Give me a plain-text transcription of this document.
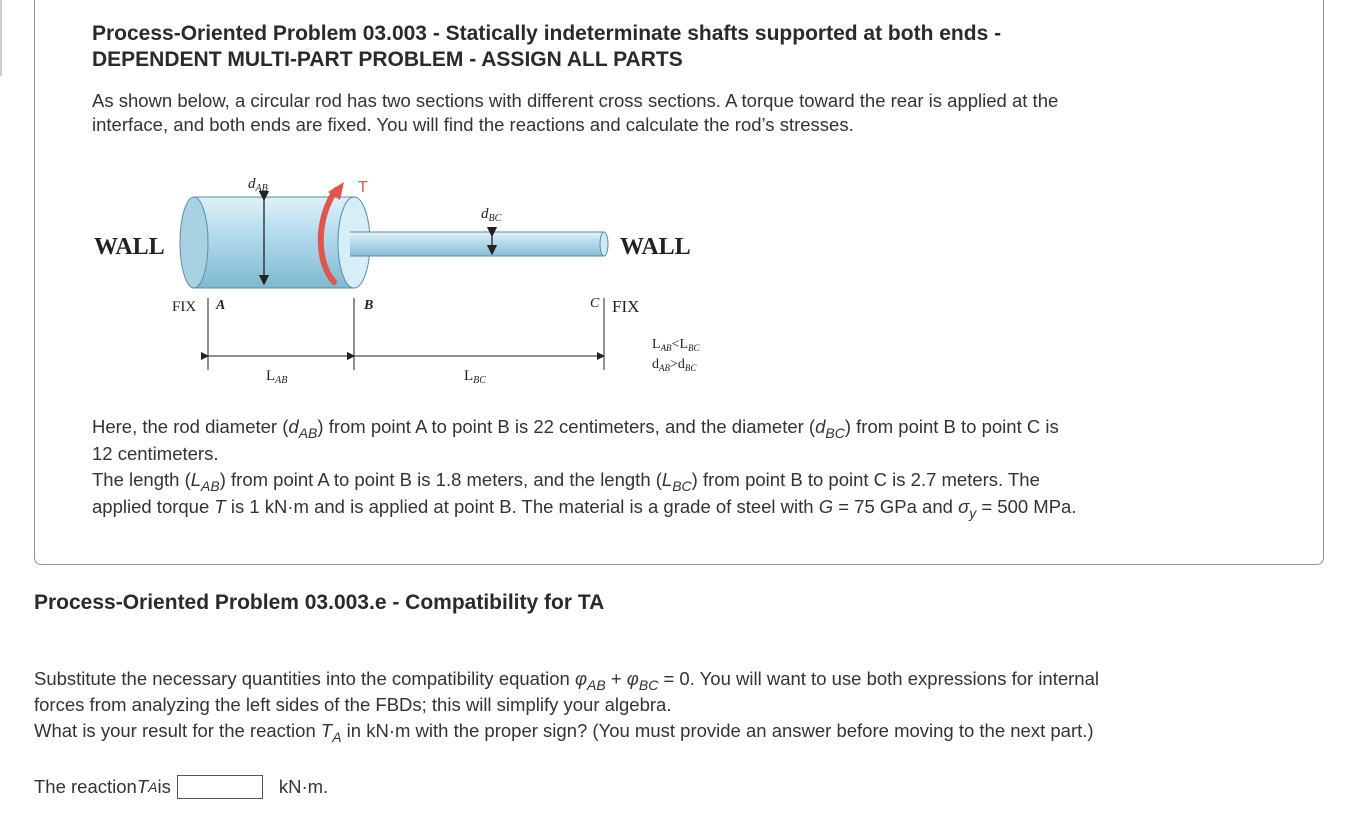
Process-Oriented Problem 03.003 - Statically indeterminate shafts supported at both ends -
DEPENDENT MULTI-PART PROBLEM - ASSIGN ALL PARTS
As shown below, a circular rod has two sections with different cross sections. A torque toward the rear is applied at the
interface, and both ends are fixed. You will find the reactions and calculate the rod’s stresses.
WALL	WALL
T
$d_{AB}$
$d_{BC}$
FIX A	B	C FIX
$L_{AB}$	$L_{BC}$
$L_{AB}<L_{BC}$
$d_{AB}>d_{BC}$
Here, the rod diameter $(d_{AB})$ from point A to point B is 22 centimeters, and the diameter $(d_{BC})$ from point B to point C is
12 centimeters.
The length $(L_{AB})$ from point A to point B is 1.8 meters, and the length $(L_{BC})$ from point B to point C is 2.7 meters. The
applied torque T is 1 kN·m and is applied at point B. The material is a grade of steel with G = 75 GPa and $\sigma_y = 500$ MPa.
Process-Oriented Problem 03.003.e - Compatibility for TA
Substitute the necessary quantities into the compatibility equation $\varphi_{AB} + \varphi_{BC} = 0$. You will want to use both expressions for internal
forces from analyzing the left sides of the FBDs; this will simplify your algebra.
What is your result for the reaction $T_A$ in kN·m with the proper sign? (You must provide an answer before moving to the next part.)
The reaction T A is	kN·m.
